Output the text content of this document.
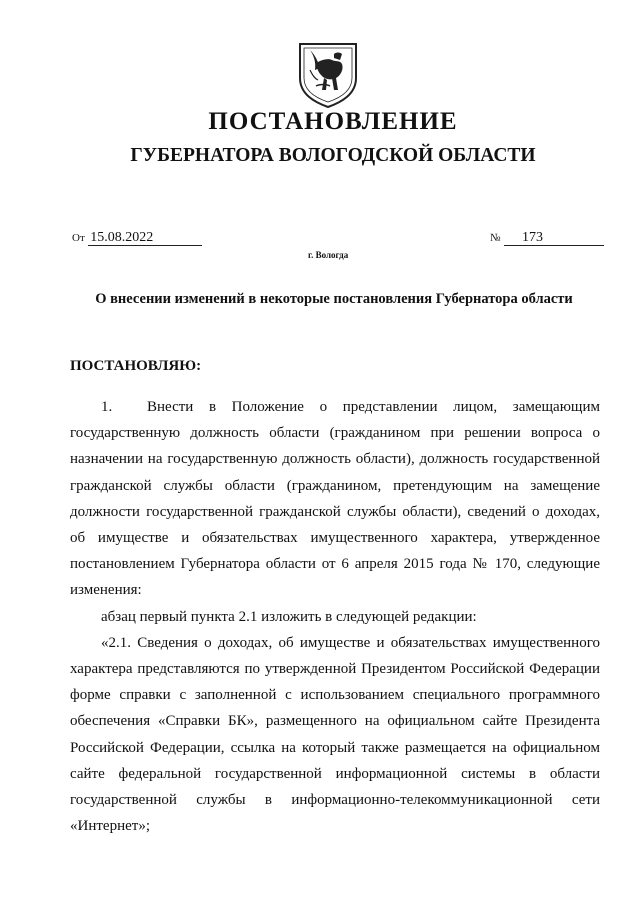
ПОСТАНОВЛЕНИЕ
ГУБЕРНАТОРА ВОЛОГОДСКОЙ ОБЛАСТИ
От 15.08.2022	№ 173
г. Вологда
О внесении изменений в некоторые постановления Губернатора области
ПОСТАНОВЛЯЮ:

1. Внести в Положение о представлении лицом, замещающим государственную должность области (гражданином при решении вопроса о назначении на государственную должность области), должность государственной гражданской службы области (гражданином, претендующим на замещение должности государственной гражданской службы области), сведений о доходах, об имуществе и обязательствах имущественного характера, утвержденное постановлением Губернатора области от 6 апреля 2015 года № 170, следующие изменения:

абзац первый пункта 2.1 изложить в следующей редакции:

«2.1. Сведения о доходах, об имуществе и обязательствах имущественного характера представляются по утвержденной Президентом Российской Федерации форме справки с заполненной с использованием специального программного обеспечения «Справки БК», размещенного на официальном сайте Президента Российской Федерации, ссылка на который также размещается на официальном сайте федеральной государственной информационной системы в области государственной службы в информационно-телекоммуникационной сети «Интернет»;
